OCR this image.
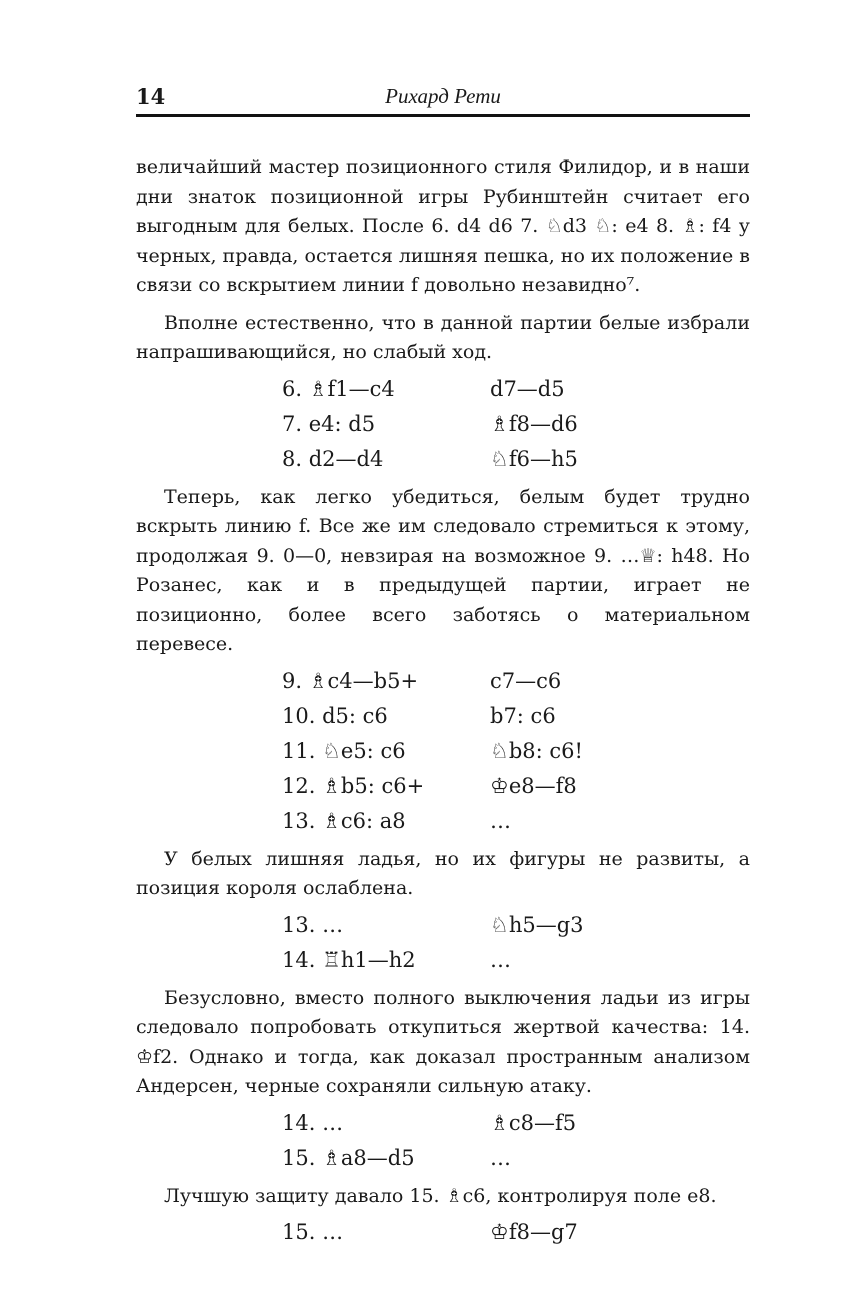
14	Рихард Рети

величайший мастер позиционного стиля Филидор, и в наши дни знаток позиционной игры Рубинштейн считает его выгодным для белых. После 6. d4 d6 7. ♘d3 ♘: e4 8. ♗: f4 у черных, правда, остается лишняя пешка, но их положение в связи со вскрытием линии f довольно незавидно⁷.

Вполне естественно, что в данной партии белые избрали напрашивающийся, но слабый ход.

6. ♗f1—c4	d7—d5
7. e4: d5	♗f8—d6
8. d2—d4	♘f6—h5

Теперь, как легко убедиться, белым будет трудно вскрыть линию f. Все же им следовало стремиться к этому, продолжая 9. 0—0, невзирая на возможное 9. …♕: h48. Но Розанес, как и в предыдущей партии, играет не позиционно, более всего заботясь о материальном перевесе.

9. ♗c4—b5+	c7—c6
10. d5: c6	b7: c6
11. ♘e5: c6	♘b8: c6!
12. ♗b5: c6+	♔e8—f8
13. ♗c6: a8	…

У белых лишняя ладья, но их фигуры не развиты, а позиция короля ослаблена.

13. …	♘h5—g3
14. ♖h1—h2	…

Безусловно, вместо полного выключения ладьи из игры следовало попробовать откупиться жертвой качества: 14. ♔f2. Однако и тогда, как доказал пространным анализом Андерсен, черные сохраняли сильную атаку.

14. …	♗c8—f5
15. ♗a8—d5	…

Лучшую защиту давало 15. ♗c6, контролируя поле e8.

15. …	♔f8—g7
